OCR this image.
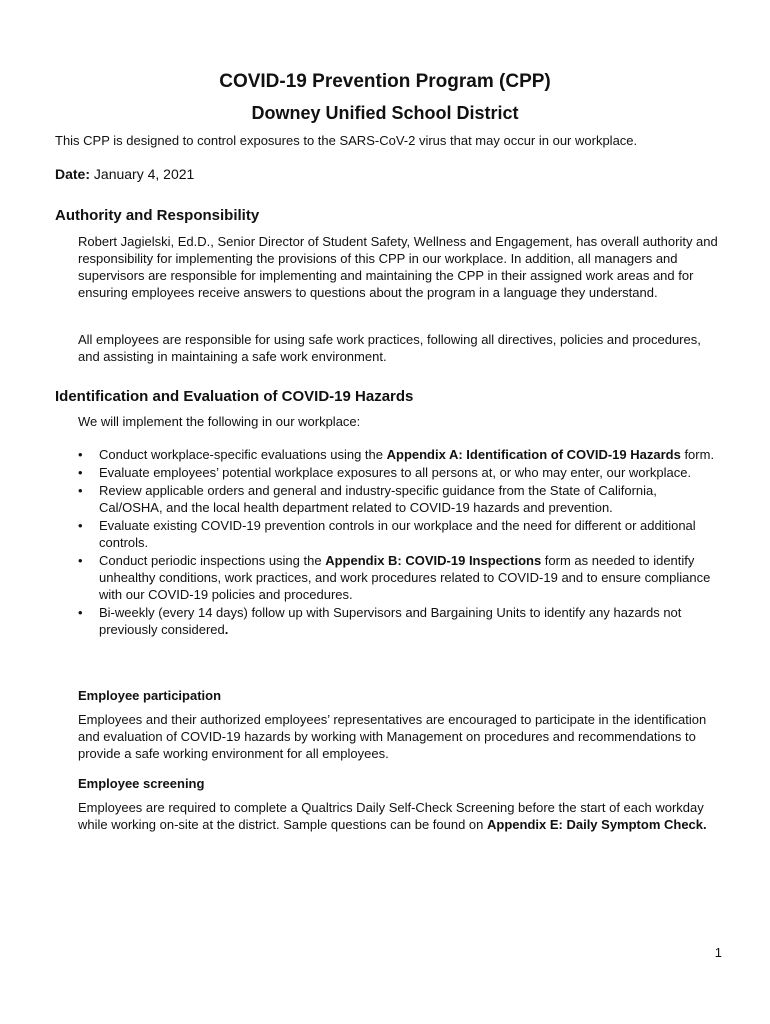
COVID-19 Prevention Program (CPP)
Downey Unified School District

This CPP is designed to control exposures to the SARS-CoV-2 virus that may occur in our workplace.

Date: January 4, 2021

Authority and Responsibility

Robert Jagielski, Ed.D., Senior Director of Student Safety, Wellness and Engagement, has overall authority and responsibility for implementing the provisions of this CPP in our workplace. In addition, all managers and supervisors are responsible for implementing and maintaining the CPP in their assigned work areas and for ensuring employees receive answers to questions about the program in a language they understand.

All employees are responsible for using safe work practices, following all directives, policies and procedures, and assisting in maintaining a safe work environment.

Identification and Evaluation of COVID-19 Hazards

We will implement the following in our workplace:

• Conduct workplace-specific evaluations using the Appendix A: Identification of COVID-19 Hazards form.
• Evaluate employees’ potential workplace exposures to all persons at, or who may enter, our workplace.
• Review applicable orders and general and industry-specific guidance from the State of California, Cal/OSHA, and the local health department related to COVID-19 hazards and prevention.
• Evaluate existing COVID-19 prevention controls in our workplace and the need for different or additional controls.
• Conduct periodic inspections using the Appendix B: COVID-19 Inspections form as needed to identify unhealthy conditions, work practices, and work procedures related to COVID-19 and to ensure compliance with our COVID-19 policies and procedures.
• Bi-weekly (every 14 days) follow up with Supervisors and Bargaining Units to identify any hazards not previously considered.
Employee participation

Employees and their authorized employees’ representatives are encouraged to participate in the identification and evaluation of COVID-19 hazards by working with Management on procedures and recommendations to provide a safe working environment for all employees.

Employee screening

Employees are required to complete a Qualtrics Daily Self-Check Screening before the start of each workday while working on-site at the district. Sample questions can be found on Appendix E: Daily Symptom Check.

1
